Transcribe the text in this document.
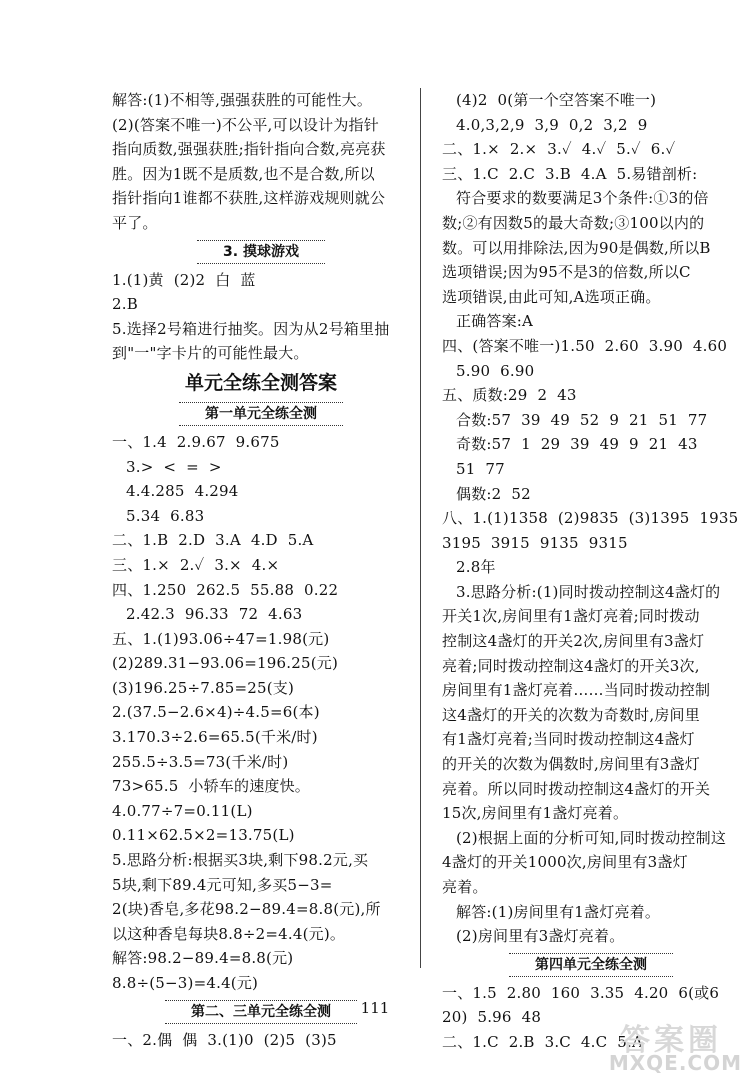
解答:(1)不相等,强强获胜的可能性大。
(2)(答案不唯一)不公平,可以设计为指针
指向质数,强强获胜;指针指向合数,亮亮获
胜。因为1既不是质数,也不是合数,所以
指针指向1谁都不获胜,这样游戏规则就公
平了。
3. 摸球游戏
1.(1)黄  (2)2  白  蓝
2.B
5.选择2号箱进行抽奖。因为从2号箱里抽
到"一"字卡片的可能性最大。
单元全练全测答案
第一单元全练全测
一、1.4  2.9.67  9.675
3.>  <  =  >
4.4.285  4.294
5.34  6.83
二、1.B  2.D  3.A  4.D  5.A
三、1.×  2.✓  3.×  4.×
四、1.250  262.5  55.88  0.22
2.42.3  96.33  72  4.63
五、1.(1)93.06÷47=1.98(元)
(2)289.31−93.06=196.25(元)
(3)196.25÷7.85=25(支)
2.(37.5−2.6×4)÷4.5=6(本)
3.170.3÷2.6=65.5(千米/时)
255.5÷3.5=73(千米/时)
73>65.5  小轿车的速度快。
4.0.77÷7=0.11(L)
0.11×62.5×2=13.75(L)
5.思路分析:根据买3块,剩下98.2元,买
5块,剩下89.4元可知,多买5−3=
2(块)香皂,多花98.2−89.4=8.8(元),所
以这种香皂每块8.8÷2=4.4(元)。
解答:98.2−89.4=8.8(元)
8.8÷(5−3)=4.4(元)
第二、三单元全练全测
一、2.偶  偶  3.(1)0  (2)5  (3)5
(4)2  0(第一个空答案不唯一)
4.0,3,2,9  3,9  0,2  3,2  9
二、1.×  2.×  3.✓  4.✓  5.✓  6.✓
三、1.C  2.C  3.B  4.A  5.易错剖析:
符合要求的数要满足3个条件:①3的倍
数;②有因数5的最大奇数;③100以内的
数。可以用排除法,因为90是偶数,所以B
选项错误;因为95不是3的倍数,所以C
选项错误,由此可知,A选项正确。
正确答案:A
四、(答案不唯一)1.50  2.60  3.90  4.60
5.90  6.90
五、质数:29  2  43
合数:57  39  49  52  9  21  51  77
奇数:57  1  29  39  49  9  21  43
51  77
偶数:2  52
八、1.(1)1358  (2)9835  (3)1395  1935
3195  3915  9135  9315
2.8年
3.思路分析:(1)同时拨动控制这4盏灯的
开关1次,房间里有1盏灯亮着;同时拨动
控制这4盏灯的开关2次,房间里有3盏灯
亮着;同时拨动控制这4盏灯的开关3次,
房间里有1盏灯亮着……当同时拨动控制
这4盏灯的开关的次数为奇数时,房间里
有1盏灯亮着;当同时拨动控制这4盏灯
的开关的次数为偶数时,房间里有3盏灯
亮着。所以同时拨动控制这4盏灯的开关
15次,房间里有1盏灯亮着。
(2)根据上面的分析可知,同时拨动控制这
4盏灯的开关1000次,房间里有3盏灯
亮着。
解答:(1)房间里有1盏灯亮着。
(2)房间里有3盏灯亮着。
第四单元全练全测
一、1.5  2.80  160  3.35  4.20  6(或6
20)  5.96  48
二、1.C  2.B  3.C  4.C  5.A
111
答案圈
MXQE.COM
